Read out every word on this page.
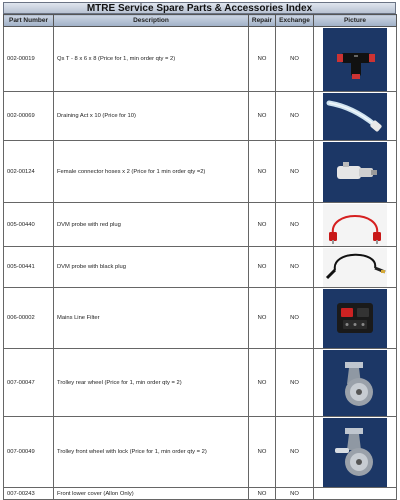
MTRE Service Spare Parts & Accessories Index
Part Number	Description	Repair	Exchange	Picture
002-00019	Qs T - 8 x 6 x 8 (Price for 1, min order qty = 2)	NO	NO	

002-00069	Draining Act x 10 (Price for 10)	NO	NO	

002-00124	Female connector hoses x 2 (Price for 1 min order qty =2)	NO	NO	

005-00440	DVM probe with red plug	NO	NO	

005-00441	DVM probe with black plug	NO	NO	

006-00002	Mains Line Filter	NO	NO	

007-00047	Trolley rear wheel (Price for 1, min order qty = 2)	NO	NO	

007-00049	Trolley front wheel with lock (Price for 1, min order qty = 2)	NO	NO	

007-00243	Front lower cover (Allon Only)	NO	NO	
